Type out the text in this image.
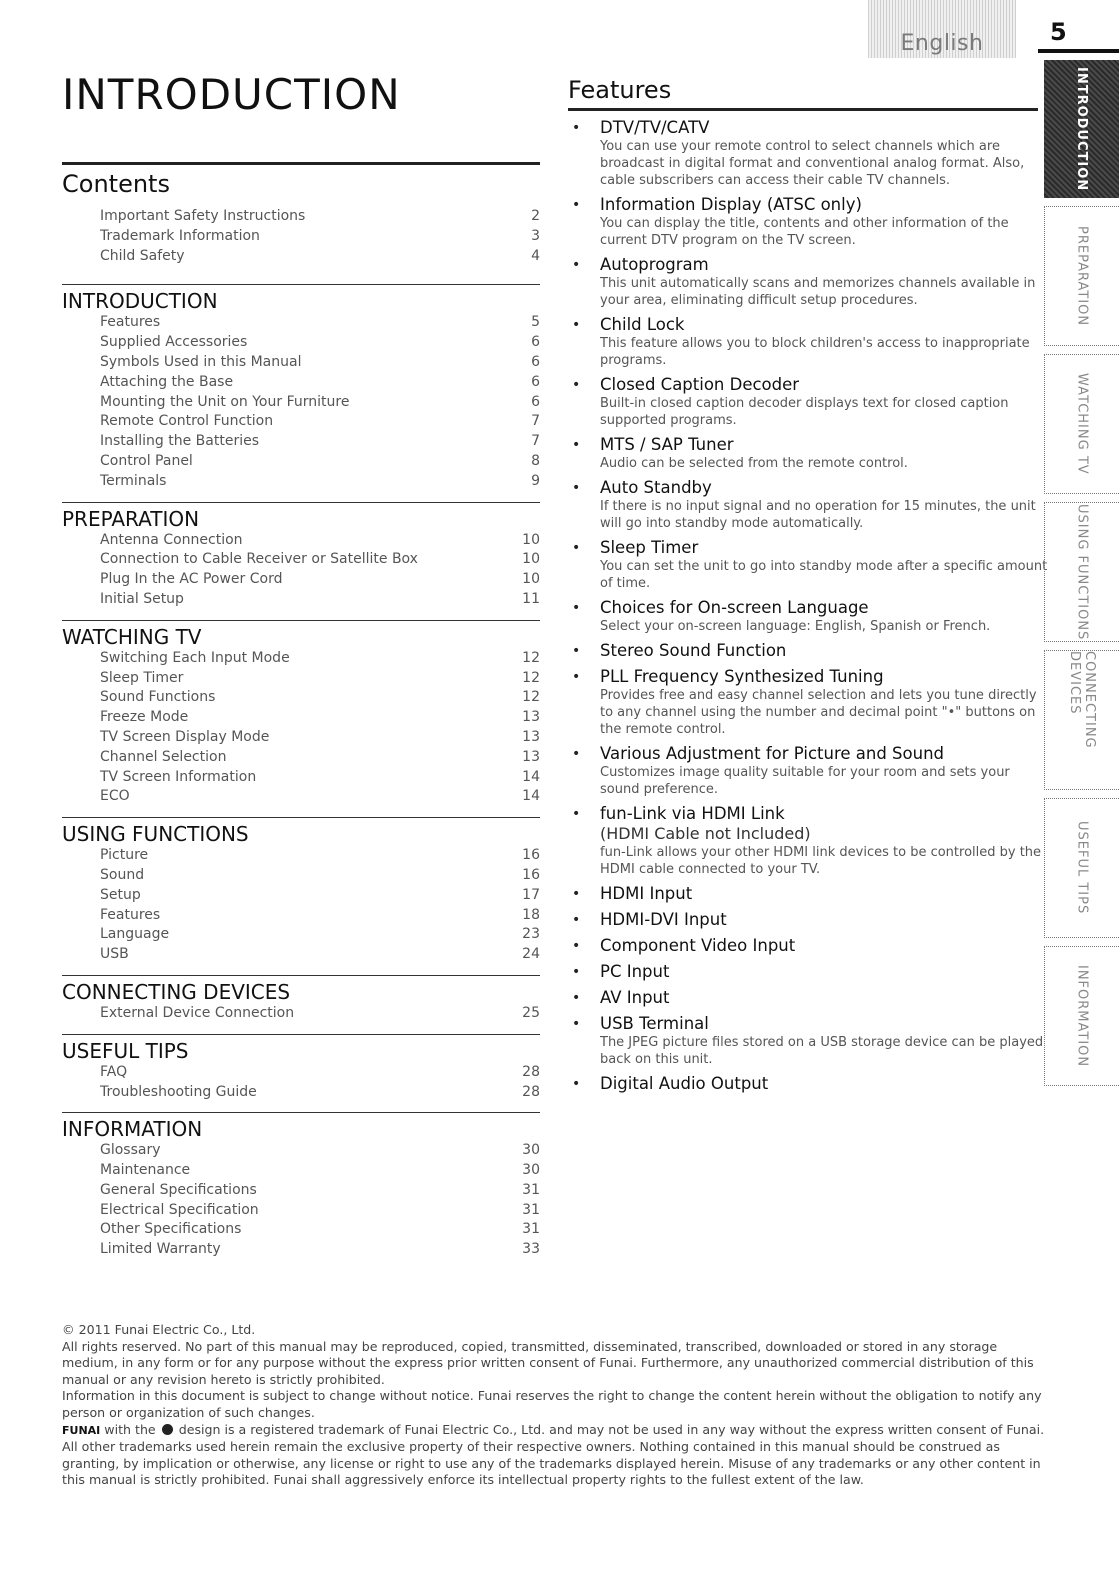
English	5
INTRODUCTION
Contents
Important Safety Instructions	2
Trademark Information	3
Child Safety	4
INTRODUCTION
Features	5
Supplied Accessories	6
Symbols Used in this Manual	6
Attaching the Base	6
Mounting the Unit on Your Furniture	6
Remote Control Function	7
Installing the Batteries	7
Control Panel	8
Terminals	9
PREPARATION
Antenna Connection	10
Connection to Cable Receiver or Satellite Box	10
Plug In the AC Power Cord	10
Initial Setup	11
WATCHING TV
Switching Each Input Mode	12
Sleep Timer	12
Sound Functions	12
Freeze Mode	13
TV Screen Display Mode	13
Channel Selection	13
TV Screen Information	14
ECO	14
USING FUNCTIONS
Picture	16
Sound	16
Setup	17
Features	18
Language	23
USB	24
CONNECTING DEVICES
External Device Connection	25
USEFUL TIPS
FAQ	28
Troubleshooting Guide	28
INFORMATION
Glossary	30
Maintenance	30
General Specifications	31
Electrical Specification	31
Other Specifications	31
Limited Warranty	33
Features
• DTV/TV/CATV
You can use your remote control to select channels which are broadcast in digital format and conventional analog format. Also, cable subscribers can access their cable TV channels.
• Information Display (ATSC only)
You can display the title, contents and other information of the current DTV program on the TV screen.
• Autoprogram
This unit automatically scans and memorizes channels available in your area, eliminating difficult setup procedures.
• Child Lock
This feature allows you to block children's access to inappropriate programs.
• Closed Caption Decoder
Built-in closed caption decoder displays text for closed caption supported programs.
• MTS / SAP Tuner
Audio can be selected from the remote control.
• Auto Standby
If there is no input signal and no operation for 15 minutes, the unit will go into standby mode automatically.
• Sleep Timer
You can set the unit to go into standby mode after a specific amount of time.
• Choices for On-screen Language
Select your on-screen language: English, Spanish or French.
• Stereo Sound Function
• PLL Frequency Synthesized Tuning
Provides free and easy channel selection and lets you tune directly to any channel using the number and decimal point "•" buttons on the remote control.
• Various Adjustment for Picture and Sound
Customizes image quality suitable for your room and sets your sound preference.
• fun-Link via HDMI Link
(HDMI Cable not Included)
fun-Link allows your other HDMI link devices to be controlled by the HDMI cable connected to your TV.
• HDMI Input
• HDMI-DVI Input
• Component Video Input
• PC Input
• AV Input
• USB Terminal
The JPEG picture files stored on a USB storage device can be played back on this unit.
• Digital Audio Output
INTRODUCTION
PREPARATION
WATCHING TV
USING FUNCTIONS
CONNECTING DEVICES
USEFUL TIPS
INFORMATION

© 2011 Funai Electric Co., Ltd.

All rights reserved. No part of this manual may be reproduced, copied, transmitted, disseminated, transcribed, downloaded or stored in any storage medium, in any form or for any purpose without the express prior written consent of Funai. Furthermore, any unauthorized commercial distribution of this manual or any revision hereto is strictly prohibited.

Information in this document is subject to change without notice. Funai reserves the right to change the content herein without the obligation to notify any person or organization of such changes.

FUNAI with the design is a registered trademark of Funai Electric Co., Ltd. and may not be used in any way without the express written consent of Funai. All other trademarks used herein remain the exclusive property of their respective owners. Nothing contained in this manual should be construed as granting, by implication or otherwise, any license or right to use any of the trademarks displayed herein. Misuse of any trademarks or any other content in this manual is strictly prohibited. Funai shall aggressively enforce its intellectual property rights to the fullest extent of the law.
